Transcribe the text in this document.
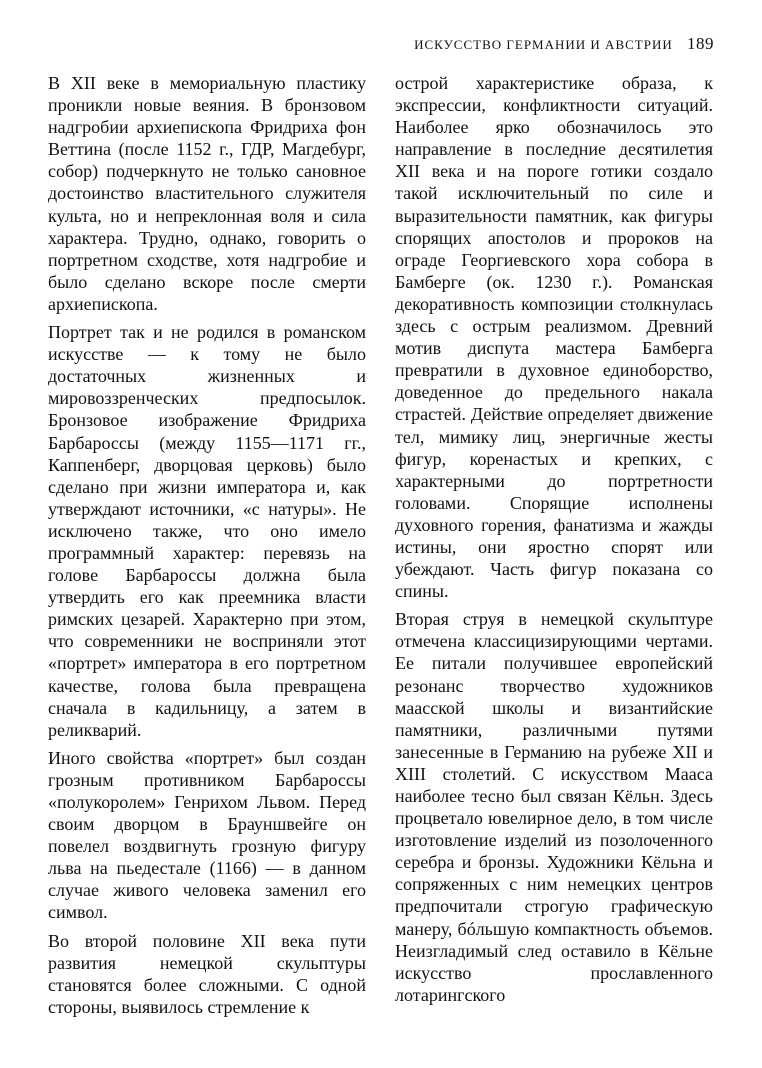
ИСКУССТВО ГЕРМАНИИ И АВСТРИИ 189

В XII веке в мемориальную пластику проникли новые веяния. В бронзовом надгробии архиепископа Фридриха фон Веттина (после 1152 г., ГДР, Магдебург, собор) подчеркнуто не только сановное достоинство властительного служителя культа, но и непреклонная воля и сила характера. Трудно, однако, говорить о портретном сходстве, хотя надгробие и было сделано вскоре после смерти архиепископа.

Портрет так и не родился в романском искусстве — к тому не было достаточных жизненных и мировоззренческих предпосылок. Бронзовое изображение Фридриха Барбароссы (между 1155—1171 гг., Каппенберг, дворцовая церковь) было сделано при жизни императора и, как утверждают источники, «с натуры». Не исключено также, что оно имело программный характер: перевязь на голове Барбароссы должна была утвердить его как преемника власти римских цезарей. Характерно при этом, что современники не восприняли этот «портрет» императора в его портретном качестве, голова была превращена сначала в кадильницу, а затем в реликварий.

Иного свойства «портрет» был создан грозным противником Барбароссы «полукоролем» Генрихом Львом. Перед своим дворцом в Брауншвейге он повелел воздвигнуть грозную фигуру льва на пьедестале (1166) — в данном случае живого человека заменил его символ.

Во второй половине XII века пути развития немецкой скульптуры становятся более сложными. С одной стороны, выявилось стремление к

острой характеристике образа, к экспрессии, конфликтности ситуаций. Наиболее ярко обозначилось это направление в последние десятилетия XII века и на пороге готики создало такой исключительный по силе и выразительности памятник, как фигуры спорящих апостолов и пророков на ограде Георгиевского хора собора в Бамберге (ок. 1230 г.). Романская декоративность композиции столкнулась здесь с острым реализмом. Древний мотив диспута мастера Бамберга превратили в духовное единоборство, доведенное до предельного накала страстей. Действие определяет движение тел, мимику лиц, энергичные жесты фигур, коренастых и крепких, с характерными до портретности головами. Спорящие исполнены духовного горения, фанатизма и жажды истины, они яростно спорят или убеждают. Часть фигур показана со спины.

Вторая струя в немецкой скульптуре отмечена классицизирующими чертами. Ее питали получившее европейский резонанс творчество художников маасской школы и византийские памятники, различными путями занесенные в Германию на рубеже XII и XIII столетий. С искусством Мааса наиболее тесно был связан Кёльн. Здесь процветало ювелирное дело, в том числе изготовление изделий из позолоченного серебра и бронзы. Художники Кёльна и сопряженных с ним немецких центров предпочитали строгую графическую манеру, бóльшую компактность объемов. Неизгладимый след оставило в Кёльне искусство прославленного лотарингского
